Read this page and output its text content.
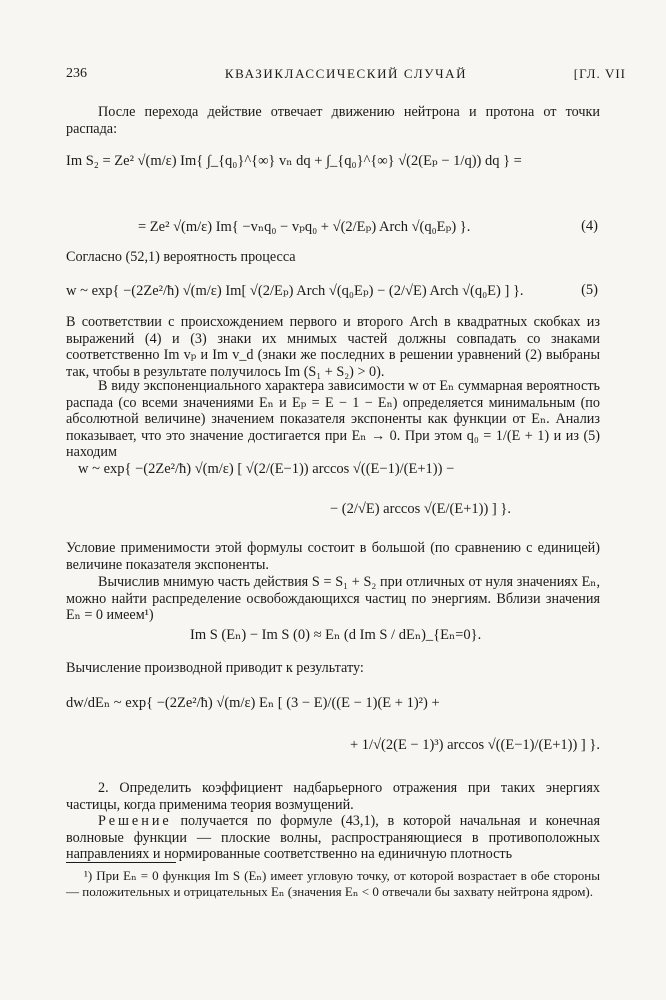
236	КВАЗИКЛАССИЧЕСКИЙ СЛУЧАЙ	[ГЛ. VII
После перехода действие отвечает движению нейтрона и протона от точки распада:
Im S₂ = Ze² √(m/ε) Im{ ∫_{q₀}^{∞} vₙ dq + ∫_{q₀}^{∞} √(2(Eₚ − 1/q)) dq } =
= Ze² √(m/ε) Im{ −vₙq₀ − vₚq₀ + √(2/Eₚ) Arch √(q₀Eₚ) }.	(4)
Согласно (52,1) вероятность процесса
w ~ exp{ −(2Ze²/ħ) √(m/ε) Im[ √(2/Eₚ) Arch √(q₀Eₚ) − (2/√E) Arch √(q₀E) ] }.	(5)
В соответствии с происхождением первого и второго Arch в квадратных скобках из выражений (4) и (3) знаки их мнимых частей должны совпадать со знаками соответственно Im vₚ и Im v_d (знаки же последних в решении уравнений (2) выбраны так, чтобы в результате получилось Im (S₁ + S₂) > 0).
В виду экспоненциального характера зависимости w от Eₙ суммарная вероятность распада (со всеми значениями Eₙ и Eₚ = E − 1 − Eₙ) определяется минимальным (по абсолютной величине) значением показателя экспоненты как функции от Eₙ. Анализ показывает, что это значение достигается при Eₙ → 0. При этом q₀ = 1/(E + 1) и из (5) находим
w ~ exp{ −(2Ze²/ħ) √(m/ε) [ √(2/(E−1)) arccos √((E−1)/(E+1)) −
− (2/√E) arccos √(E/(E+1)) ] }.
Условие применимости этой формулы состоит в большой (по сравнению с единицей) величине показателя экспоненты.
Вычислив мнимую часть действия S = S₁ + S₂ при отличных от нуля значениях Eₙ, можно найти распределение освобождающихся частиц по энергиям. Вблизи значения Eₙ = 0 имеем¹)
Im S (Eₙ) − Im S (0) ≈ Eₙ (d Im S / dEₙ)_{Eₙ=0}.
Вычисление производной приводит к результату:
dw/dEₙ ~ exp{ −(2Ze²/ħ) √(m/ε) Eₙ [ (3 − E)/((E − 1)(E + 1)²) +
+ 1/√(2(E − 1)³) arccos √((E−1)/(E+1)) ] }.
2. Определить коэффициент надбарьерного отражения при таких энергиях частицы, когда применима теория возмущений.
Решение получается по формуле (43,1), в которой начальная и конечная волновые функции — плоские волны, распространяющиеся в противоположных направлениях и нормированные соответственно на единичную плотность
¹) При Eₙ = 0 функция Im S (Eₙ) имеет угловую точку, от которой возрастает в обе стороны — положительных и отрицательных Eₙ (значения Eₙ < 0 отвечали бы захвату нейтрона ядром).
